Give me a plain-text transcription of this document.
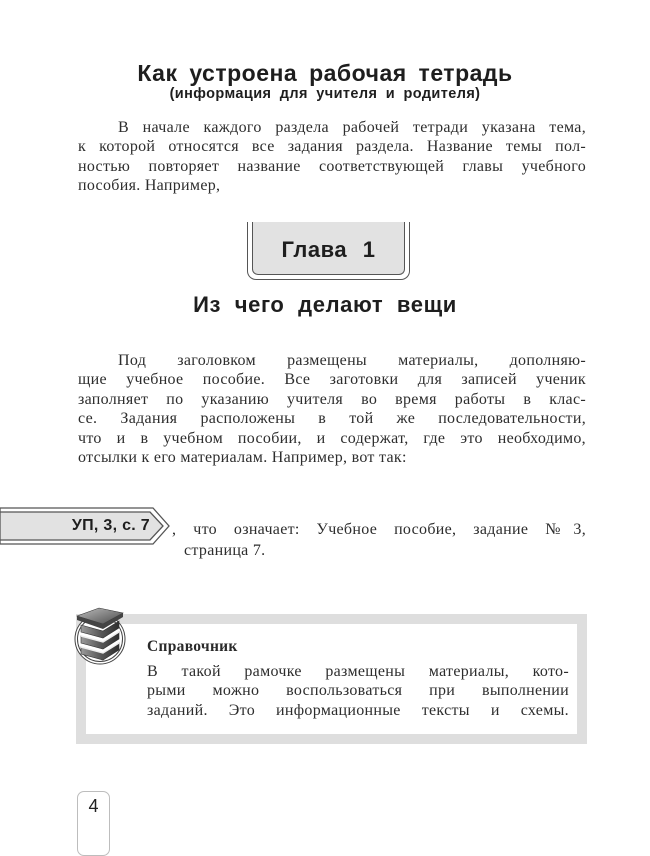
Как устроена рабочая тетрадь
(информация для учителя и родителя)
В начале каждого раздела рабочей тетради указана тема,
к которой относятся все задания раздела. Название темы пол-
ностью повторяет название соответствующей главы учебного
пособия. Например,
Глава 1
Из чего делают вещи
Под заголовком размещены материалы, дополняю-
щие учебное пособие. Все заготовки для записей ученик
заполняет по указанию учителя во время работы в клас-
се. Задания расположены в той же последовательности,
что и в учебном пособии, и содержат, где это необходимо,
отсылки к его материалам. Например, вот так:
УП, 3, с. 7 , что означает: Учебное пособие, задание №3,
страница 7.
Справочник
В такой рамочке размещены материалы, кото-
рыми можно воспользоваться при выполнении
заданий. Это информационные тексты и схемы.
4
